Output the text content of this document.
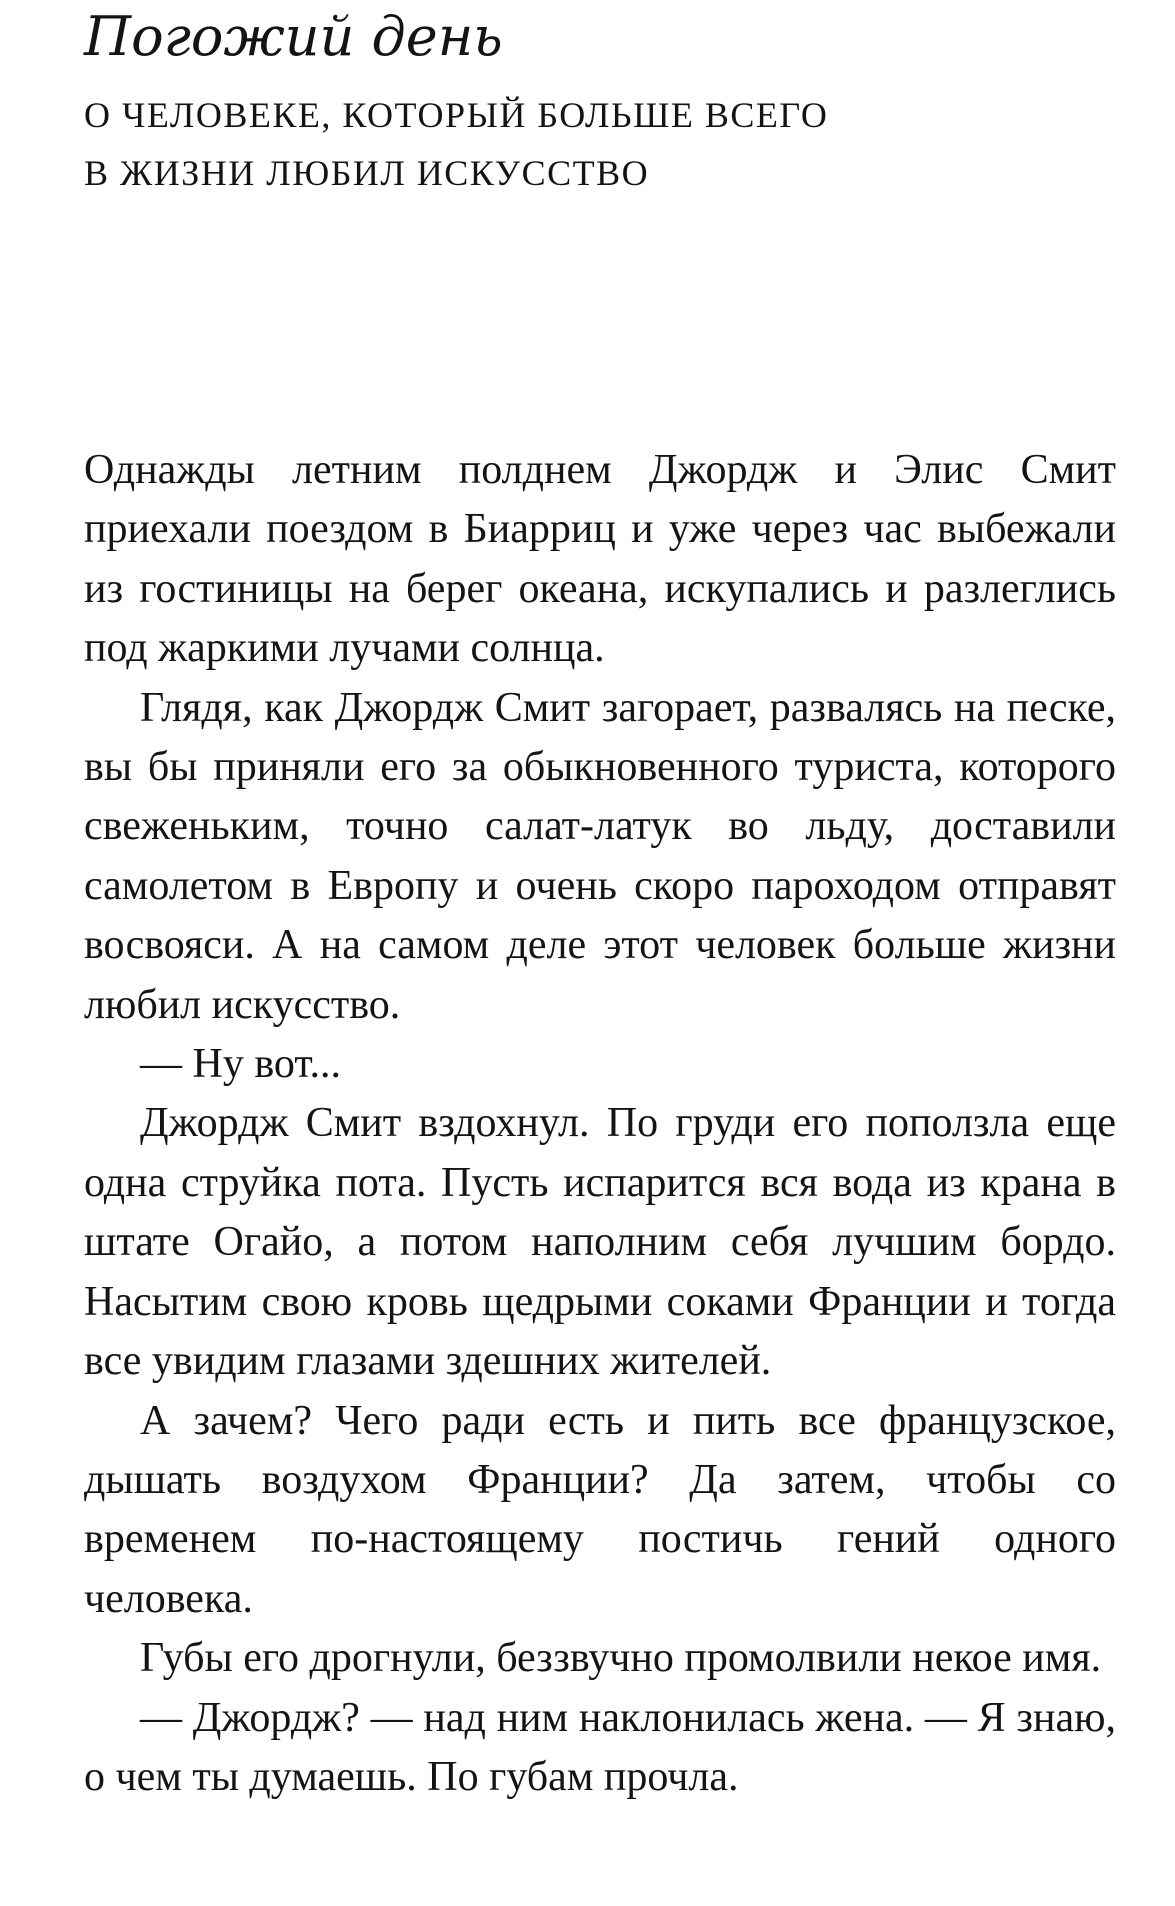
Погожий день
О ЧЕЛОВЕКЕ, КОТОРЫЙ БОЛЬШЕ ВСЕГО
В ЖИЗНИ ЛЮБИЛ ИСКУССТВО

Однажды летним полднем Джордж и Элис Смит приехали поездом в Биарриц и уже через час выбежали из гостиницы на берег океана, искупались и разлеглись под жаркими лучами солнца.

Глядя, как Джордж Смит загорает, развалясь на песке, вы бы приняли его за обыкновенного туриста, которого свеженьким, точно салат-латук во льду, доставили самолетом в Европу и очень скоро пароходом отправят восвояси. А на самом деле этот человек больше жизни любил искусство.

— Ну вот...

Джордж Смит вздохнул. По груди его поползла еще одна струйка пота. Пусть испарится вся вода из крана в штате Огайо, а потом наполним себя лучшим бордо. Насытим свою кровь щедрыми соками Франции и тогда все увидим глазами здешних жителей.

А зачем? Чего ради есть и пить все французское, дышать воздухом Франции? Да затем, чтобы со временем по-настоящему постичь гений одного человека.

Губы его дрогнули, беззвучно промолвили некое имя.

— Джордж? — над ним наклонилась жена. — Я знаю, о чем ты думаешь. По губам прочла.
